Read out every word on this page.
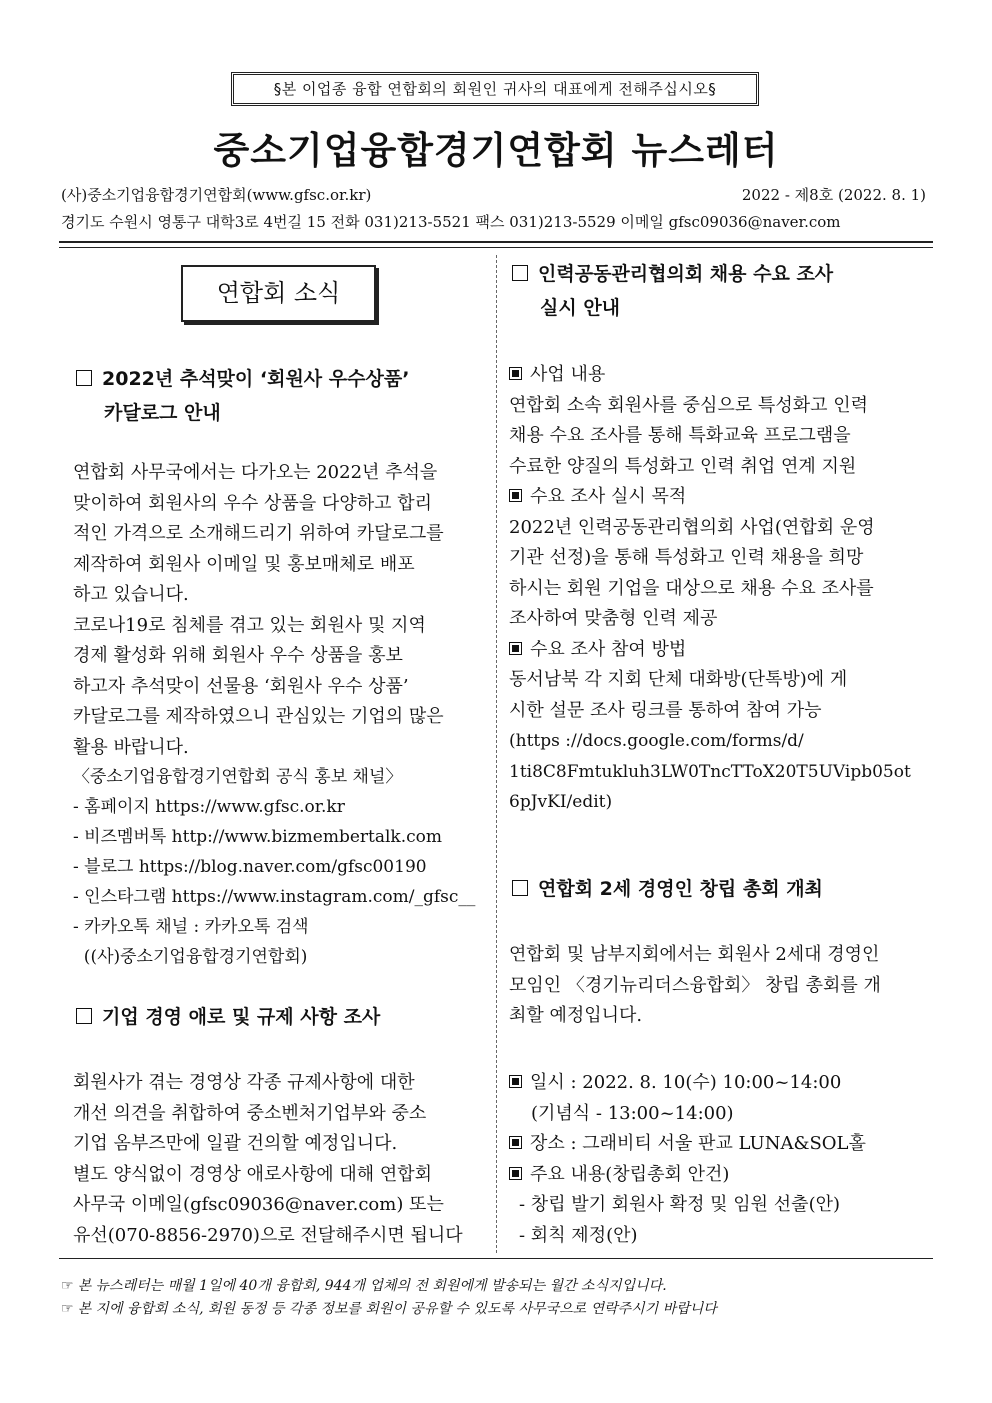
§본 이업종 융합 연합회의 회원인 귀사의 대표에게 전해주십시오§
중소기업융합경기연합회 뉴스레터
(사)중소기업융합경기연합회(www.gfsc.or.kr)	2022 - 제8호 (2022. 8. 1)
경기도 수원시 영통구 대학3로 4번길 15 전화 031)213-5521 팩스 031)213-5529 이메일 gfsc09036@naver.com
연합회 소식
2022년 추석맞이 ‘회원사 우수상품’
카달로그 안내
연합회 사무국에서는 다가오는 2022년 추석을
맞이하여 회원사의 우수 상품을 다양하고 합리
적인 가격으로 소개해드리기 위하여 카달로그를
제작하여 회원사 이메일 및 홍보매체로 배포
하고 있습니다.
코로나19로 침체를 겪고 있는 회원사 및 지역
경제 활성화 위해 회원사 우수 상품을 홍보
하고자 추석맞이 선물용 ‘회원사 우수 상품’
카달로그를 제작하였으니 관심있는 기업의 많은
활용 바랍니다.
〈중소기업융합경기연합회 공식 홍보 채널〉
- 홈페이지 https://www.gfsc.or.kr
- 비즈멤버톡 http://www.bizmembertalk.com
- 블로그 https://blog.naver.com/gfsc00190
- 인스타그램 https://www.instagram.com/_gfsc__
- 카카오톡 채널 : 카카오톡 검색
((사)중소기업융합경기연합회)
기업 경영 애로 및 규제 사항 조사
회원사가 겪는 경영상 각종 규제사항에 대한
개선 의견을 취합하여 중소벤처기업부와 중소
기업 옴부즈만에 일괄 건의할 예정입니다.
별도 양식없이 경영상 애로사항에 대해 연합회
사무국 이메일(gfsc09036@naver.com) 또는
유선(070-8856-2970)으로 전달해주시면 됩니다
인력공동관리협의회 채용 수요 조사
실시 안내
사업 내용
연합회 소속 회원사를 중심으로 특성화고 인력
채용 수요 조사를 통해 특화교육 프로그램을
수료한 양질의 특성화고 인력 취업 연계 지원
수요 조사 실시 목적
2022년 인력공동관리협의회 사업(연합회 운영
기관 선정)을 통해 특성화고 인력 채용을 희망
하시는 회원 기업을 대상으로 채용 수요 조사를
조사하여 맞춤형 인력 제공
수요 조사 참여 방법
동서남북 각 지회 단체 대화방(단톡방)에 게
시한 설문 조사 링크를 통하여 참여 가능
(https ://docs.google.com/forms/d/
1ti8C8Fmtukluh3LW0TncTToX20T5UVipb05ot
6pJvKI/edit)
연합회 2세 경영인 창립 총회 개최
연합회 및 남부지회에서는 회원사 2세대 경영인
모임인 〈경기뉴리더스융합회〉 창립 총회를 개
최할 예정입니다.
일시 : 2022. 8. 10(수) 10:00~14:00
(기념식 - 13:00~14:00)
장소 : 그래비티 서울 판교 LUNA&SOL홀
주요 내용(창립총회 안건)
- 창립 발기 회원사 확정 및 임원 선출(안)
- 회칙 제정(안)
☞ 본 뉴스레터는 매월 1일에 40개 융합회, 944개 업체의 전 회원에게 발송되는 월간 소식지입니다.
☞ 본 지에 융합회 소식, 회원 동정 등 각종 정보를 회원이 공유할 수 있도록 사무국으로 연락주시기 바랍니다
